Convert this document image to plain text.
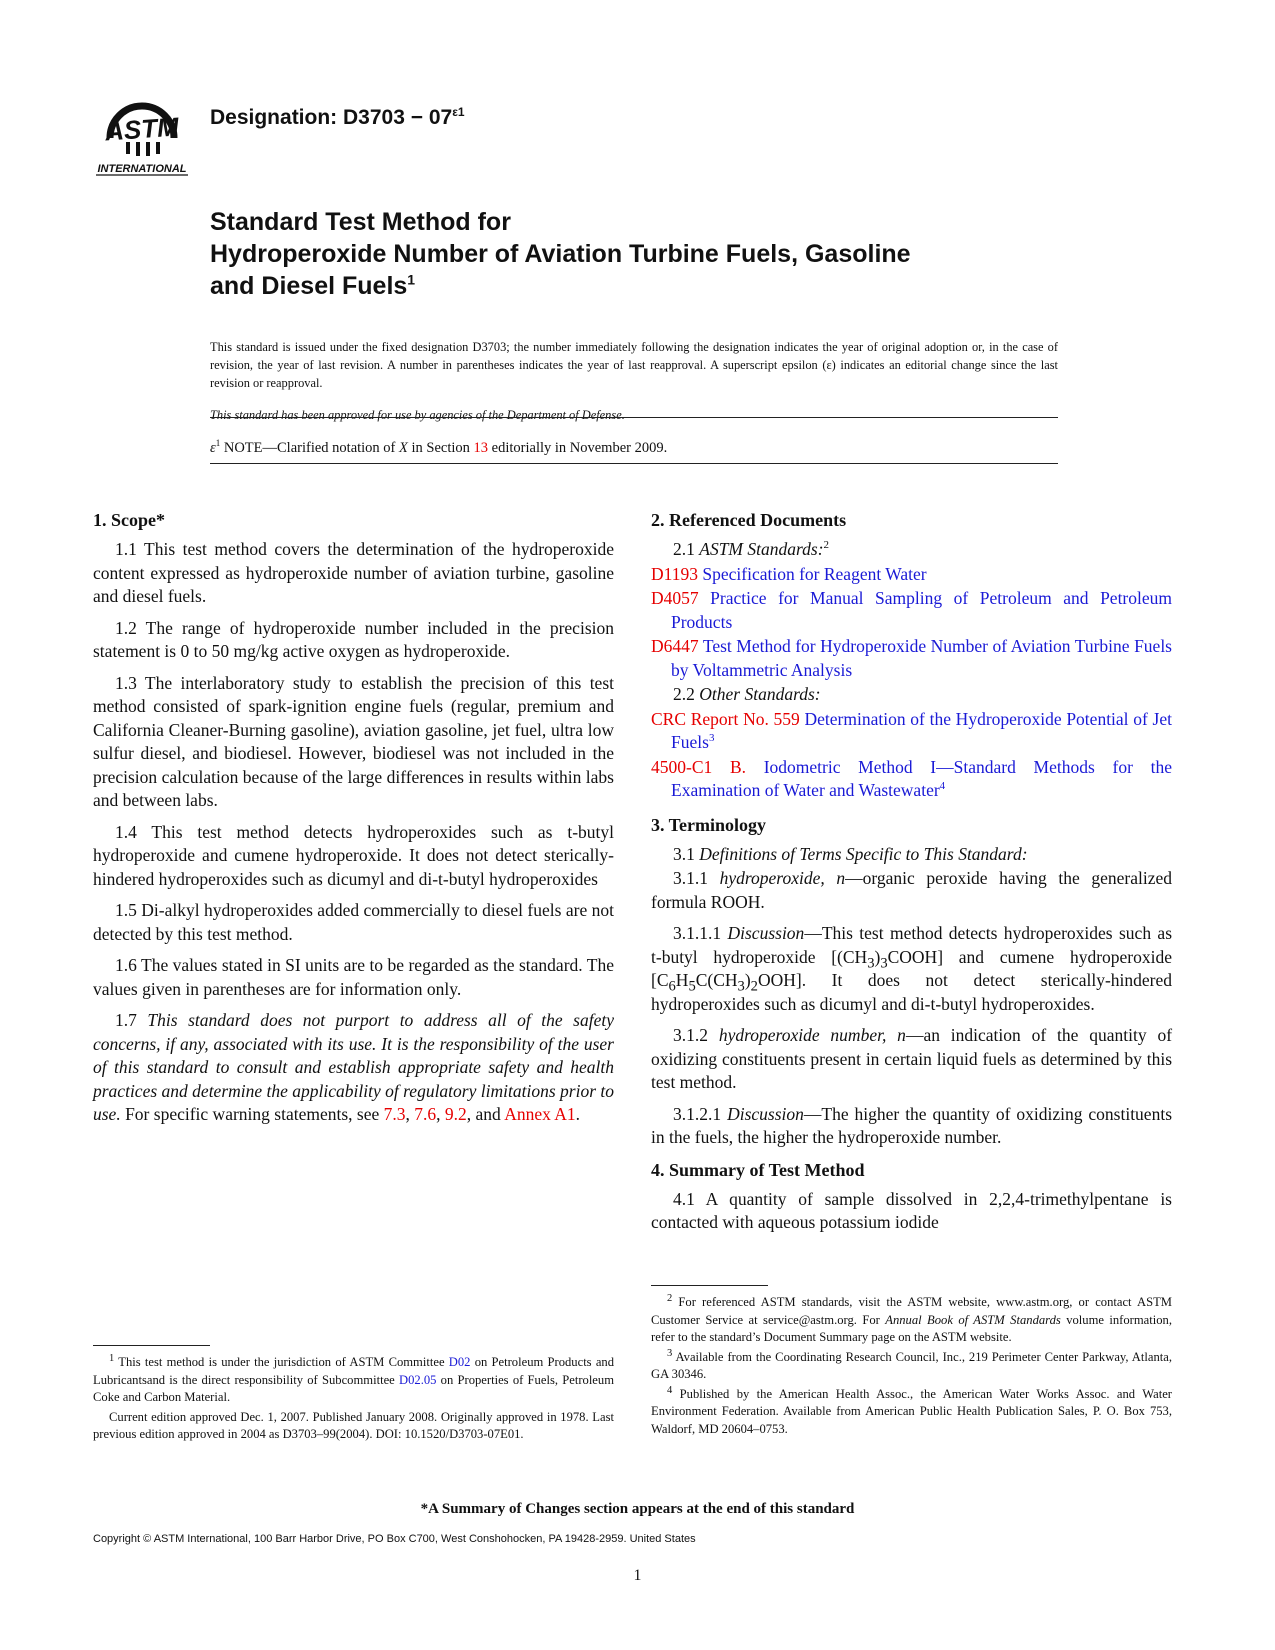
ASTM
INTERNATIONAL
Designation: $D3703 - 07^{\varepsilon 1}$
Standard Test Method for
Hydroperoxide Number of Aviation Turbine Fuels, Gasoline
and Diesel Fuels$^1$
This standard is issued under the fixed designation D3703; the number immediately following the designation indicates the year of original adoption or, in the case of revision, the year of last revision. A number in parentheses indicates the year of last reapproval. A superscript epsilon (ε) indicates an editorial change since the last revision or reapproval.
This standard has been approved for use by agencies of the Department of Defense.
$\varepsilon^1$ NOTE—Clarified notation of X in Section 13 editorially in November 2009.
1. Scope*

1.1 This test method covers the determination of the hydroperoxide content expressed as hydroperoxide number of aviation turbine, gasoline and diesel fuels.

1.2 The range of hydroperoxide number included in the precision statement is 0 to 50 mg/kg active oxygen as hydroperoxide.

1.3 The interlaboratory study to establish the precision of this test method consisted of spark-ignition engine fuels (regular, premium and California Cleaner-Burning gasoline), aviation gasoline, jet fuel, ultra low sulfur diesel, and biodiesel. However, biodiesel was not included in the precision calculation because of the large differences in results within labs and between labs.

1.4 This test method detects hydroperoxides such as t-butyl hydroperoxide and cumene hydroperoxide. It does not detect sterically-hindered hydroperoxides such as dicumyl and di-t-butyl hydroperoxides

1.5 Di-alkyl hydroperoxides added commercially to diesel fuels are not detected by this test method.

1.6 The values stated in SI units are to be regarded as the standard. The values given in parentheses are for information only.

1.7 This standard does not purport to address all of the safety concerns, if any, associated with its use. It is the responsibility of the user of this standard to consult and establish appropriate safety and health practices and determine the applicability of regulatory limitations prior to use. For specific warning statements, see 7.3, 7.6, 9.2, and Annex A1.

$^1$ This test method is under the jurisdiction of ASTM Committee D02 on Petroleum Products and Lubricantsand is the direct responsibility of Subcommittee D02.05 on Properties of Fuels, Petroleum Coke and Carbon Material.

Current edition approved Dec. 1, 2007. Published January 2008. Originally approved in 1978. Last previous edition approved in 2004 as D3703–99(2004). DOI: 10.1520/D3703-07E01.

2. Referenced Documents
2.1 ASTM Standards:$^2$
D1193 Specification for Reagent Water
D4057 Practice for Manual Sampling of Petroleum and Petroleum Products
D6447 Test Method for Hydroperoxide Number of Aviation Turbine Fuels by Voltammetric Analysis
2.2 Other Standards:
CRC Report No. 559 Determination of the Hydroperoxide Potential of Jet Fuels$^3$
4500-C1 B. Iodometric Method I—Standard Methods for the Examination of Water and Wastewater$^4$
3. Terminology

3.1 Definitions of Terms Specific to This Standard:

3.1.1 hydroperoxide, n—organic peroxide having the generalized formula ROOH.

3.1.1.1 Discussion—This test method detects hydroperoxides such as t-butyl hydroperoxide $[(CH_3)_3COOH]$ and cumene hydroperoxide $[C_6H_5C(CH_3)_2OOH]$. It does not detect sterically-hindered hydroperoxides such as dicumyl and di-t-butyl hydroperoxides.

3.1.2 hydroperoxide number, n—an indication of the quantity of oxidizing constituents present in certain liquid fuels as determined by this test method.

3.1.2.1 Discussion—The higher the quantity of oxidizing constituents in the fuels, the higher the hydroperoxide number.

4. Summary of Test Method

4.1 A quantity of sample dissolved in 2,2,4-trimethylpentane is contacted with aqueous potassium iodide

$^2$ For referenced ASTM standards, visit the ASTM website, www.astm.org, or contact ASTM Customer Service at service@astm.org. For Annual Book of ASTM Standards volume information, refer to the standard’s Document Summary page on the ASTM website.

$^3$ Available from the Coordinating Research Council, Inc., 219 Perimeter Center Parkway, Atlanta, GA 30346.

$^4$ Published by the American Health Assoc., the American Water Works Assoc. and Water Environment Federation. Available from American Public Health Publication Sales, P. O. Box 753, Waldorf, MD 20604–0753.

*A Summary of Changes section appears at the end of this standard
Copyright © ASTM International, 100 Barr Harbor Drive, PO Box C700, West Conshohocken, PA 19428-2959. United States
1
